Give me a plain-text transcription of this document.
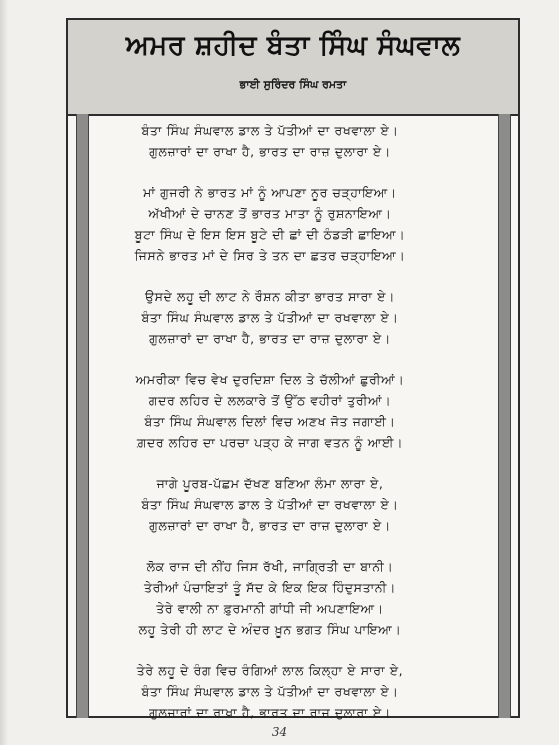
ਅਮਰ ਸ਼ਹੀਦ ਬੰਤਾ ਸਿੰਘ ਸੰਘਵਾਲ
ਭਾਈ ਸੁਰਿੰਦਰ ਸਿੰਘ ਰਮਤਾ
ਬੰਤਾ ਸਿੰਘ ਸੰਘਵਾਲ ਡਾਲ ਤੇ ਪੱਤੀਆਂ ਦਾ ਰਖਵਾਲਾ ਏ।
ਗੁਲਜ਼ਾਰਾਂ ਦਾ ਰਾਖਾ ਹੈ, ਭਾਰਤ ਦਾ ਰਾਜ਼ ਦੁਲਾਰਾ ਏ।
ਮਾਂ ਗੁਜਰੀ ਨੇ ਭਾਰਤ ਮਾਂ ਨੂੰ ਆਪਣਾ ਨੂਰ ਚੜ੍ਹਾਇਆ।
ਅੱਖੀਆਂ ਦੇ ਚਾਨਣ ਤੋਂ ਭਾਰਤ ਮਾਤਾ ਨੂੰ ਰੁਸ਼ਨਾਇਆ।
ਬੂਟਾ ਸਿੰਘ ਦੇ ਇਸ ਇਸ ਬੂਟੇ ਦੀ ਛਾਂ ਦੀ ਠੰਡੜੀ ਛਾਇਆ।
ਜਿਸਨੇ ਭਾਰਤ ਮਾਂ ਦੇ ਸਿਰ ਤੇ ਤਨ ਦਾ ਛਤਰ ਚੜ੍ਹਾਇਆ।
ਉਸਦੇ ਲਹੂ ਦੀ ਲਾਟ ਨੇ ਰੌਸ਼ਨ ਕੀਤਾ ਭਾਰਤ ਸਾਰਾ ਏ।
ਬੰਤਾ ਸਿੰਘ ਸੰਘਵਾਲ ਡਾਲ ਤੇ ਪੱਤੀਆਂ ਦਾ ਰਖਵਾਲਾ ਏ।
ਗੁਲਜ਼ਾਰਾਂ ਦਾ ਰਾਖਾ ਹੈ, ਭਾਰਤ ਦਾ ਰਾਜ਼ ਦੁਲਾਰਾ ਏ।
ਅਮਰੀਕਾ ਵਿਚ ਵੇਖ ਦੁਰਦਿਸ਼ਾ ਦਿਲ ਤੇ ਚੱਲੀਆਂ ਛੁਰੀਆਂ।
ਗਦਰ ਲਹਿਰ ਦੇ ਲਲਕਾਰੇ ਤੋਂ ਉੱਠ ਵਹੀਰਾਂ ਤੁਰੀਆਂ।
ਬੰਤਾ ਸਿੰਘ ਸੰਘਵਾਲ ਦਿਲਾਂ ਵਿਚ ਅਣਖ ਜੋਤ ਜਗਾਈ।
ਗ਼ਦਰ ਲਹਿਰ ਦਾ ਪਰਚਾ ਪੜ੍ਹ ਕੇ ਜਾਗ ਵਤਨ ਨੂੰ ਆਈ।
ਜਾਗੇ ਪੂਰਬ-ਪੱਛਮ ਦੱਖਣ ਬਣਿਆ ਲੰਮਾ ਲਾਰਾ ਏ,
ਬੰਤਾ ਸਿੰਘ ਸੰਘਵਾਲ ਡਾਲ ਤੇ ਪੱਤੀਆਂ ਦਾ ਰਖਵਾਲਾ ਏ।
ਗੁਲਜ਼ਾਰਾਂ ਦਾ ਰਾਖਾ ਹੈ, ਭਾਰਤ ਦਾ ਰਾਜ਼ ਦੁਲਾਰਾ ਏ।
ਲੋਕ ਰਾਜ ਦੀ ਨੀਂਹ ਜਿਸ ਰੱਖੀ, ਜਾਗ੍ਰਿਤੀ ਦਾ ਬਾਨੀ।
ਤੇਰੀਆਂ ਪੰਚਾਇਤਾਂ ਤੂੰ ਸੱਦ ਕੇ ਇਕ ਇਕ ਹਿੰਦੁਸਤਾਨੀ।
ਤੇਰੇ ਵਾਲੀ ਨਾ ਫ਼ੁਰਮਾਨੀ ਗਾਂਧੀ ਜੀ ਅਪਣਾਇਆ।
ਲਹੂ ਤੇਰੀ ਹੀ ਲਾਟ ਦੇ ਅੰਦਰ ਖ਼ੂਨ ਭਗਤ ਸਿੰਘ ਪਾਇਆ।
ਤੇਰੇ ਲਹੂ ਦੇ ਰੰਗ ਵਿਚ ਰੰਗਿਆਂ ਲਾਲ ਕਿਲ੍ਹਾ ਏ ਸਾਰਾ ਏ,
ਬੰਤਾ ਸਿੰਘ ਸੰਘਵਾਲ ਡਾਲ ਤੇ ਪੱਤੀਆਂ ਦਾ ਰਖਵਾਲਾ ਏ।
ਗੁਲਜ਼ਾਰਾਂ ਦਾ ਰਾਖਾ ਹੈ, ਭਾਰਤ ਦਾ ਰਾਜ਼ ਦੁਲਾਰਾ ਏ।
34
